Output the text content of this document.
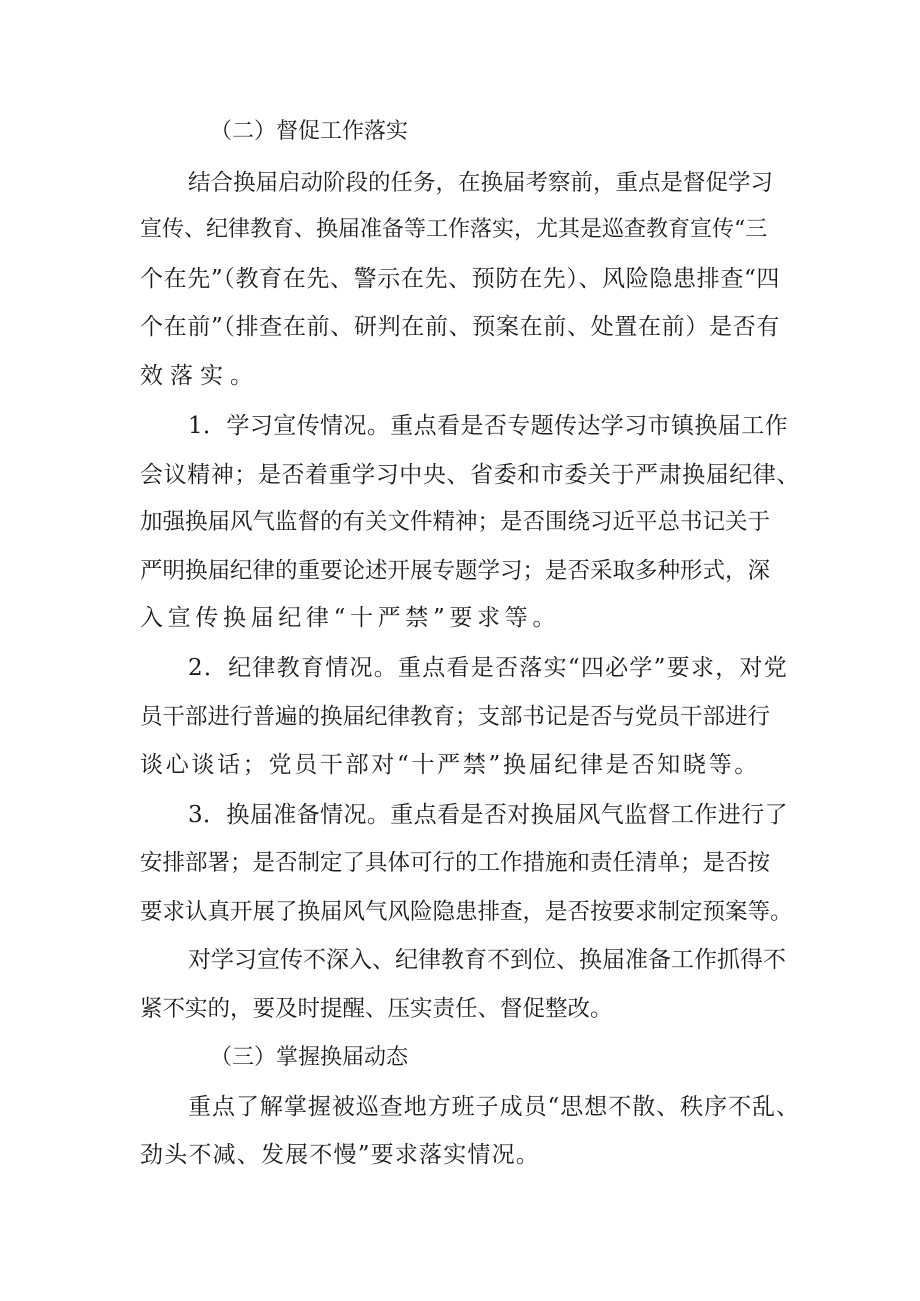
（二）督促工作落实
结合换届启动阶段的任务，在换届考察前，重点是督促学习
宣传、纪律教育、换届准备等工作落实，尤其是巡查教育宣传“三
个在先”（教育在先、警示在先、预防在先）、风险隐患排查“四
个在前”（排查在前、研判在前、预案在前、处置在前）是否有
效落实。
1．学习宣传情况。重点看是否专题传达学习市镇换届工作
会议精神；是否着重学习中央、省委和市委关于严肃换届纪律、
加强换届风气监督的有关文件精神；是否围绕习近平总书记关于
严明换届纪律的重要论述开展专题学习；是否采取多种形式，深
入宣传换届纪律“十严禁”要求等。
2．纪律教育情况。重点看是否落实“四必学”要求，对党
员干部进行普遍的换届纪律教育；支部书记是否与党员干部进行
谈心谈话；党员干部对“十严禁”换届纪律是否知晓等。
3．换届准备情况。重点看是否对换届风气监督工作进行了
安排部署；是否制定了具体可行的工作措施和责任清单；是否按
要求认真开展了换届风气风险隐患排查，是否按要求制定预案等。
对学习宣传不深入、纪律教育不到位、换届准备工作抓得不
紧不实的，要及时提醒、压实责任、督促整改。
（三）掌握换届动态
重点了解掌握被巡查地方班子成员“思想不散、秩序不乱、
劲头不减、发展不慢”要求落实情况。
